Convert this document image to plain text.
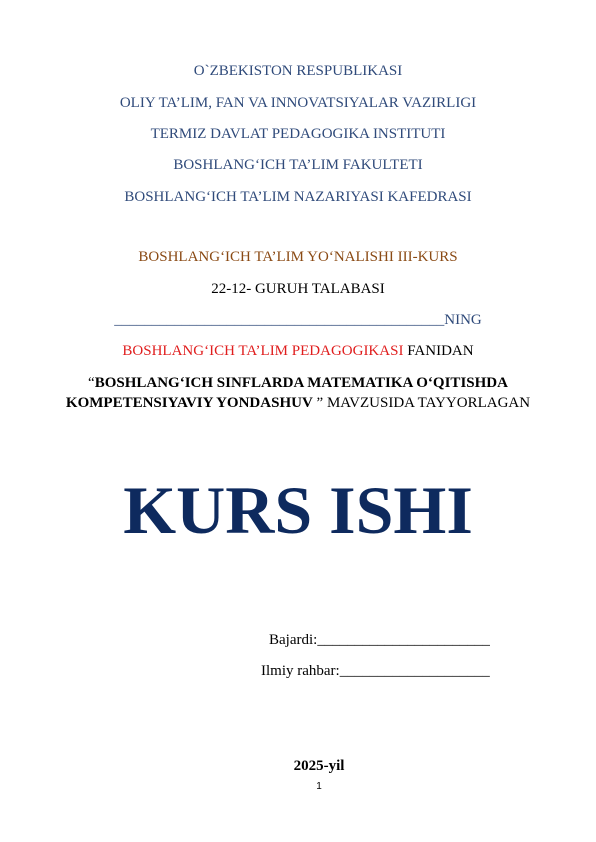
O`ZBEKISTON RESPUBLIKASI
OLIY TA’LIM, FAN VA INNOVATSIYALAR VAZIRLIGI
TERMIZ DAVLAT PEDAGOGIKA INSTITUTI
BOSHLANG‘ICH TA’LIM FAKULTETI
BOSHLANG‘ICH TA’LIM NAZARIYASI KAFEDRASI
BOSHLANG‘ICH TA’LIM YO‘NALISHI III-KURS
22-12- GURUH TALABASI
____________________________________________NING
BOSHLANG‘ICH TA’LIM PEDAGOGIKASI FANIDAN
“BOSHLANG‘ICH SINFLARDA MATEMATIKA O‘QITISHDA KOMPETENSIYAVIY YONDASHUV ” MAVZUSIDA TAYYORLAGAN
KURS ISHI
Bajardi:_______________________
Ilmiy rahbar:____________________
2025-yil
1
